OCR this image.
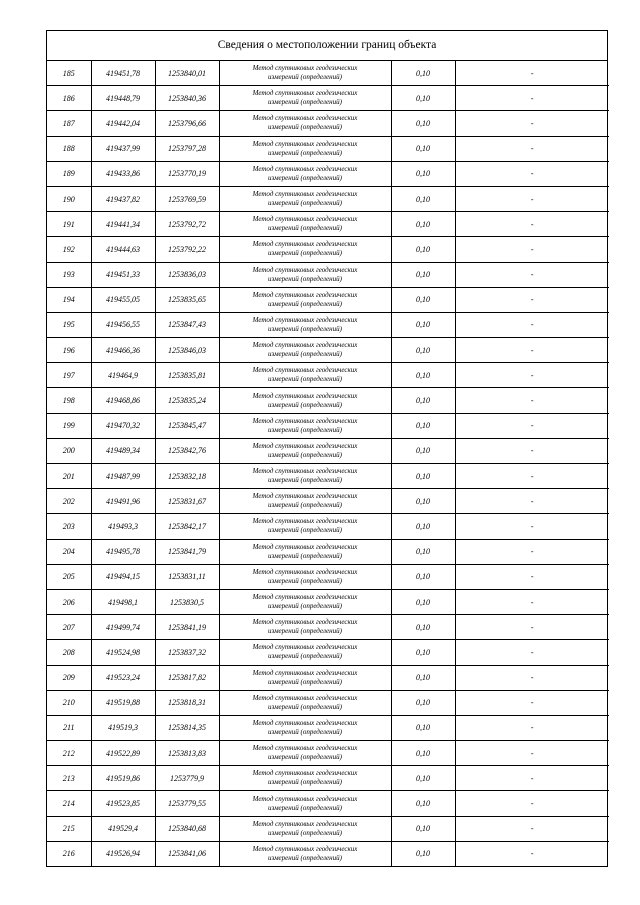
Сведения о местоположении границ объекта
185	419451,78	1253840,01	Метод спутниковых геодезических
измерений (определений)	0,10	-
186	419448,79	1253840,36	Метод спутниковых геодезических
измерений (определений)	0,10	-
187	419442,04	1253796,66	Метод спутниковых геодезических
измерений (определений)	0,10	-
188	419437,99	1253797,28	Метод спутниковых геодезических
измерений (определений)	0,10	-
189	419433,86	1253770,19	Метод спутниковых геодезических
измерений (определений)	0,10	-
190	419437,82	1253769,59	Метод спутниковых геодезических
измерений (определений)	0,10	-
191	419441,34	1253792,72	Метод спутниковых геодезических
измерений (определений)	0,10	-
192	419444,63	1253792,22	Метод спутниковых геодезических
измерений (определений)	0,10	-
193	419451,33	1253836,03	Метод спутниковых геодезических
измерений (определений)	0,10	-
194	419455,05	1253835,65	Метод спутниковых геодезических
измерений (определений)	0,10	-
195	419456,55	1253847,43	Метод спутниковых геодезических
измерений (определений)	0,10	-
196	419466,36	1253846,03	Метод спутниковых геодезических
измерений (определений)	0,10	-
197	419464,9	1253835,81	Метод спутниковых геодезических
измерений (определений)	0,10	-
198	419468,86	1253835,24	Метод спутниковых геодезических
измерений (определений)	0,10	-
199	419470,32	1253845,47	Метод спутниковых геодезических
измерений (определений)	0,10	-
200	419489,34	1253842,76	Метод спутниковых геодезических
измерений (определений)	0,10	-
201	419487,99	1253832,18	Метод спутниковых геодезических
измерений (определений)	0,10	-
202	419491,96	1253831,67	Метод спутниковых геодезических
измерений (определений)	0,10	-
203	419493,3	1253842,17	Метод спутниковых геодезических
измерений (определений)	0,10	-
204	419495,78	1253841,79	Метод спутниковых геодезических
измерений (определений)	0,10	-
205	419494,15	1253831,11	Метод спутниковых геодезических
измерений (определений)	0,10	-
206	419498,1	1253830,5	Метод спутниковых геодезических
измерений (определений)	0,10	-
207	419499,74	1253841,19	Метод спутниковых геодезических
измерений (определений)	0,10	-
208	419524,98	1253837,32	Метод спутниковых геодезических
измерений (определений)	0,10	-
209	419523,24	1253817,82	Метод спутниковых геодезических
измерений (определений)	0,10	-
210	419519,88	1253818,31	Метод спутниковых геодезических
измерений (определений)	0,10	-
211	419519,3	1253814,35	Метод спутниковых геодезических
измерений (определений)	0,10	-
212	419522,89	1253813,83	Метод спутниковых геодезических
измерений (определений)	0,10	-
213	419519,86	1253779,9	Метод спутниковых геодезических
измерений (определений)	0,10	-
214	419523,85	1253779,55	Метод спутниковых геодезических
измерений (определений)	0,10	-
215	419529,4	1253840,68	Метод спутниковых геодезических
измерений (определений)	0,10	-
216	419526,94	1253841,06	Метод спутниковых геодезических
измерений (определений)	0,10	-
